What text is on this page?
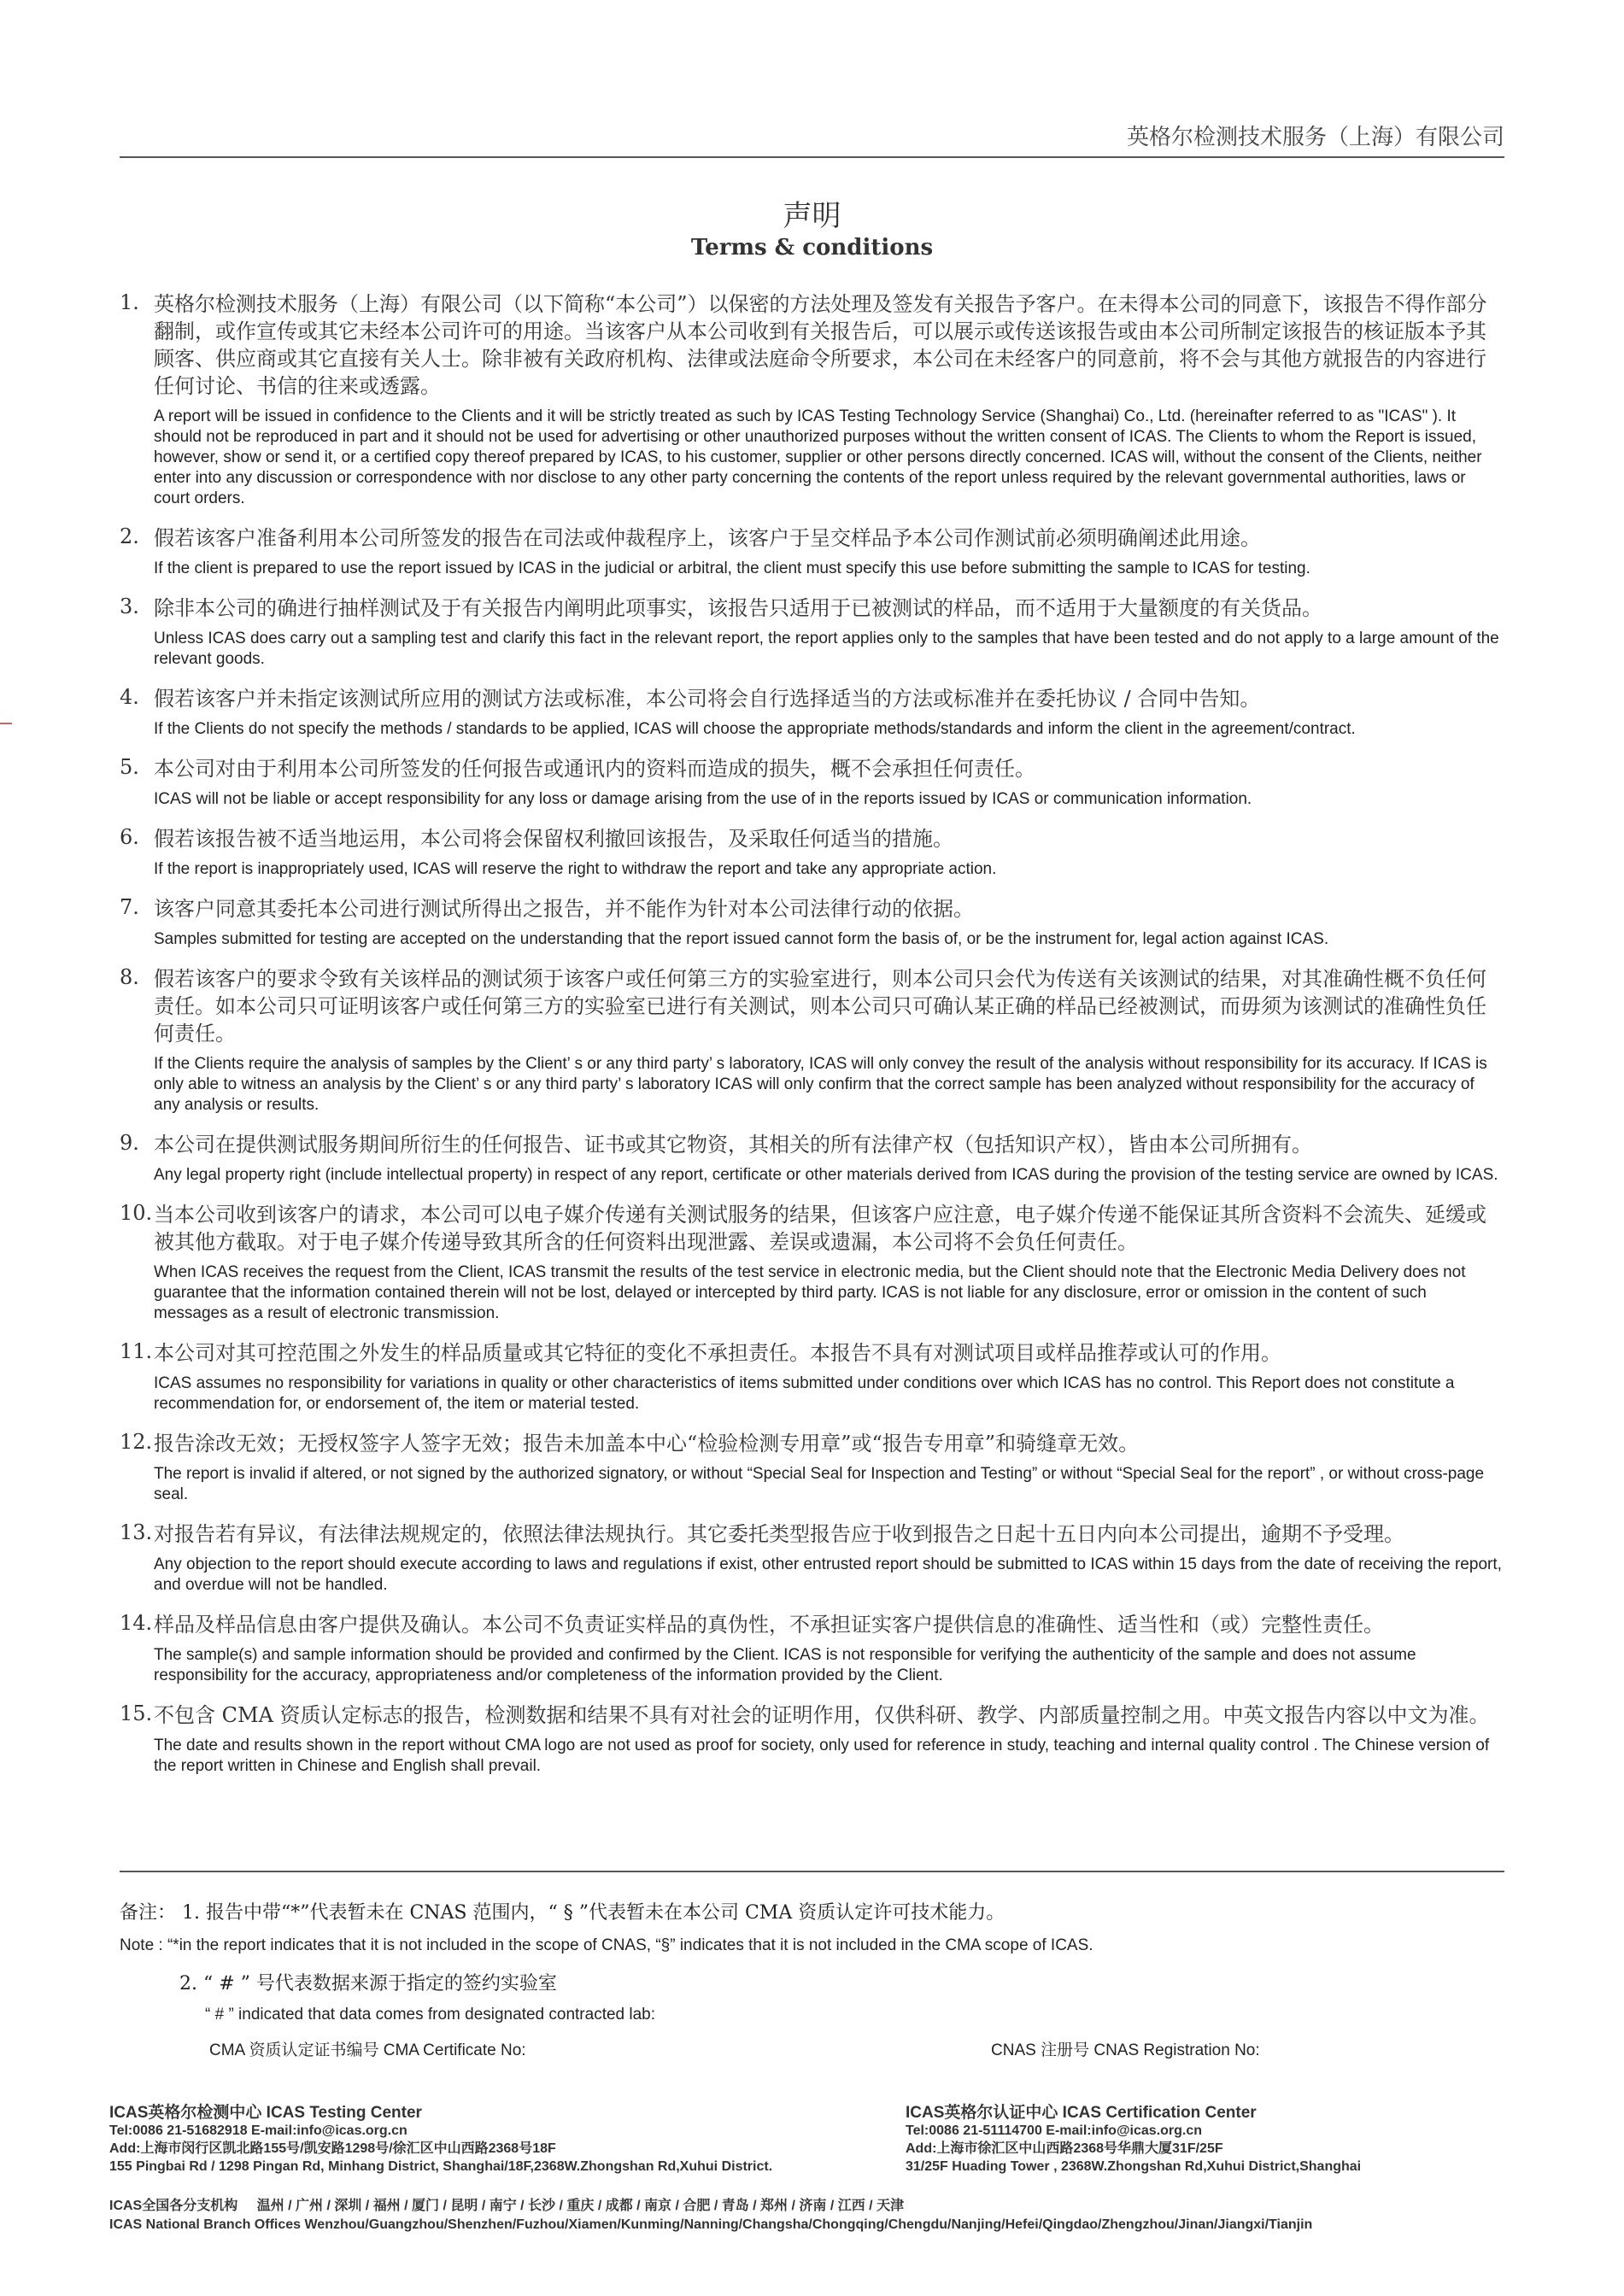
英格尔检测技术服务（上海）有限公司
声明
Terms & conditions
1. 英格尔检测技术服务（上海）有限公司（以下简称“本公司”）以保密的方法处理及签发有关报告予客户。在未得本公司的同意下，该报告不得作部分翻制，或作宣传或其它未经本公司许可的用途。当该客户从本公司收到有关报告后，可以展示或传送该报告或由本公司所制定该报告的核证版本予其顾客、供应商或其它直接有关人士。除非被有关政府机构、法律或法庭命令所要求，本公司在未经客户的同意前，将不会与其他方就报告的内容进行任何讨论、书信的往来或透露。
A report will be issued in confidence to the Clients and it will be strictly treated as such by ICAS Testing Technology Service (Shanghai) Co., Ltd. (hereinafter referred to as "ICAS" ). It should not be reproduced in part and it should not be used for advertising or other unauthorized purposes without the written consent of ICAS. The Clients to whom the Report is issued, however, show or send it, or a certified copy thereof prepared by ICAS, to his customer, supplier or other persons directly concerned. ICAS will, without the consent of the Clients, neither enter into any discussion or correspondence with nor disclose to any other party concerning the contents of the report unless required by the relevant governmental authorities, laws or court orders.
2. 假若该客户准备利用本公司所签发的报告在司法或仲裁程序上，该客户于呈交样品予本公司作测试前必须明确阐述此用途。
If the client is prepared to use the report issued by ICAS in the judicial or arbitral, the client must specify this use before submitting the sample to ICAS for testing.
3. 除非本公司的确进行抽样测试及于有关报告内阐明此项事实，该报告只适用于已被测试的样品，而不适用于大量额度的有关货品。
Unless ICAS does carry out a sampling test and clarify this fact in the relevant report, the report applies only to the samples that have been tested and do not apply to a large amount of the relevant goods.
4. 假若该客户并未指定该测试所应用的测试方法或标准，本公司将会自行选择适当的方法或标准并在委托协议 / 合同中告知。
If the Clients do not specify the methods / standards to be applied, ICAS will choose the appropriate methods/standards and inform the client in the agreement/contract.
5. 本公司对由于利用本公司所签发的任何报告或通讯内的资料而造成的损失，概不会承担任何责任。
ICAS will not be liable or accept responsibility for any loss or damage arising from the use of in the reports issued by ICAS or communication information.
6. 假若该报告被不适当地运用，本公司将会保留权利撤回该报告，及采取任何适当的措施。
If the report is inappropriately used, ICAS will reserve the right to withdraw the report and take any appropriate action.
7. 该客户同意其委托本公司进行测试所得出之报告，并不能作为针对本公司法律行动的依据。
Samples submitted for testing are accepted on the understanding that the report issued cannot form the basis of, or be the instrument for, legal action against ICAS.
8. 假若该客户的要求令致有关该样品的测试须于该客户或任何第三方的实验室进行，则本公司只会代为传送有关该测试的结果，对其准确性概不负任何责任。如本公司只可证明该客户或任何第三方的实验室已进行有关测试，则本公司只可确认某正确的样品已经被测试，而毋须为该测试的准确性负任何责任。
If the Clients require the analysis of samples by the Client’ s or any third party’ s laboratory, ICAS will only convey the result of the analysis without responsibility for its accuracy. If ICAS is only able to witness an analysis by the Client’ s or any third party’ s laboratory ICAS will only confirm that the correct sample has been analyzed without responsibility for the accuracy of any analysis or results.
9. 本公司在提供测试服务期间所衍生的任何报告、证书或其它物资，其相关的所有法律产权（包括知识产权），皆由本公司所拥有。
Any legal property right (include intellectual property) in respect of any report, certificate or other materials derived from ICAS during the provision of the testing service are owned by ICAS.
10. 当本公司收到该客户的请求，本公司可以电子媒介传递有关测试服务的结果，但该客户应注意，电子媒介传递不能保证其所含资料不会流失、延缓或被其他方截取。对于电子媒介传递导致其所含的任何资料出现泄露、差误或遗漏，本公司将不会负任何责任。
When ICAS receives the request from the Client, ICAS transmit the results of the test service in electronic media, but the Client should note that the Electronic Media Delivery does not guarantee that the information contained therein will not be lost, delayed or intercepted by third party. ICAS is not liable for any disclosure, error or omission in the content of such messages as a result of electronic transmission.
11. 本公司对其可控范围之外发生的样品质量或其它特征的变化不承担责任。本报告不具有对测试项目或样品推荐或认可的作用。
ICAS assumes no responsibility for variations in quality or other characteristics of items submitted under conditions over which ICAS has no control. This Report does not constitute a recommendation for, or endorsement of, the item or material tested.
12. 报告涂改无效；无授权签字人签字无效；报告未加盖本中心“检验检测专用章”或“报告专用章”和骑缝章无效。
The report is invalid if altered, or not signed by the authorized signatory, or without “Special Seal for Inspection and Testing” or without “Special Seal for the report” , or without cross-page seal.
13. 对报告若有异议，有法律法规规定的，依照法律法规执行。其它委托类型报告应于收到报告之日起十五日内向本公司提出，逾期不予受理。
Any objection to the report should execute according to laws and regulations if exist, other entrusted report should be submitted to ICAS within 15 days from the date of receiving the report, and overdue will not be handled.
14. 样品及样品信息由客户提供及确认。本公司不负责证实样品的真伪性，不承担证实客户提供信息的准确性、适当性和（或）完整性责任。
The sample(s) and sample information should be provided and confirmed by the Client. ICAS is not responsible for verifying the authenticity of the sample and does not assume responsibility for the accuracy, appropriateness and/or completeness of the information provided by the Client.
15. 不包含 CMA 资质认定标志的报告，检测数据和结果不具有对社会的证明作用，仅供科研、教学、内部质量控制之用。中英文报告内容以中文为准。
The date and results shown in the report without CMA logo are not used as proof for society, only used for reference in study, teaching and internal quality control . The Chinese version of the report written in Chinese and English shall prevail.
备注： 1. 报告中带“*”代表暂未在 CNAS 范围内，“ § ”代表暂未在本公司 CMA 资质认定许可技术能力。
Note : “*in the report indicates that it is not included in the scope of CNAS, “§” indicates that it is not included in the CMA scope of ICAS.
2. “ # ” 号代表数据来源于指定的签约实验室
“ # ” indicated that data comes from designated contracted lab:
CMA 资质认定证书编号 CMA Certificate No:	CNAS 注册号 CNAS Registration No:
ICAS英格尔检测中心 ICAS Testing Center
Tel:0086 21-51682918 E-mail:info@icas.org.cn
Add:上海市闵行区凯北路155号/凯安路1298号/徐汇区中山西路2368号18F
155 Pingbai Rd / 1298 Pingan Rd, Minhang District, Shanghai/18F,2368W.Zhongshan Rd,Xuhui District.
ICAS英格尔认证中心 ICAS Certification Center
Tel:0086 21-51114700 E-mail:info@icas.org.cn
Add:上海市徐汇区中山西路2368号华鼎大厦31F/25F
31/25F Huading Tower , 2368W.Zhongshan Rd,Xuhui District,Shanghai
ICAS全国各分支机构 温州 / 广州 / 深圳 / 福州 / 厦门 / 昆明 / 南宁 / 长沙 / 重庆 / 成都 / 南京 / 合肥 / 青岛 / 郑州 / 济南 / 江西 / 天津
ICAS National Branch Offices Wenzhou/Guangzhou/Shenzhen/Fuzhou/Xiamen/Kunming/Nanning/Changsha/Chongqing/Chengdu/Nanjing/Hefei/Qingdao/Zhengzhou/Jinan/Jiangxi/Tianjin
